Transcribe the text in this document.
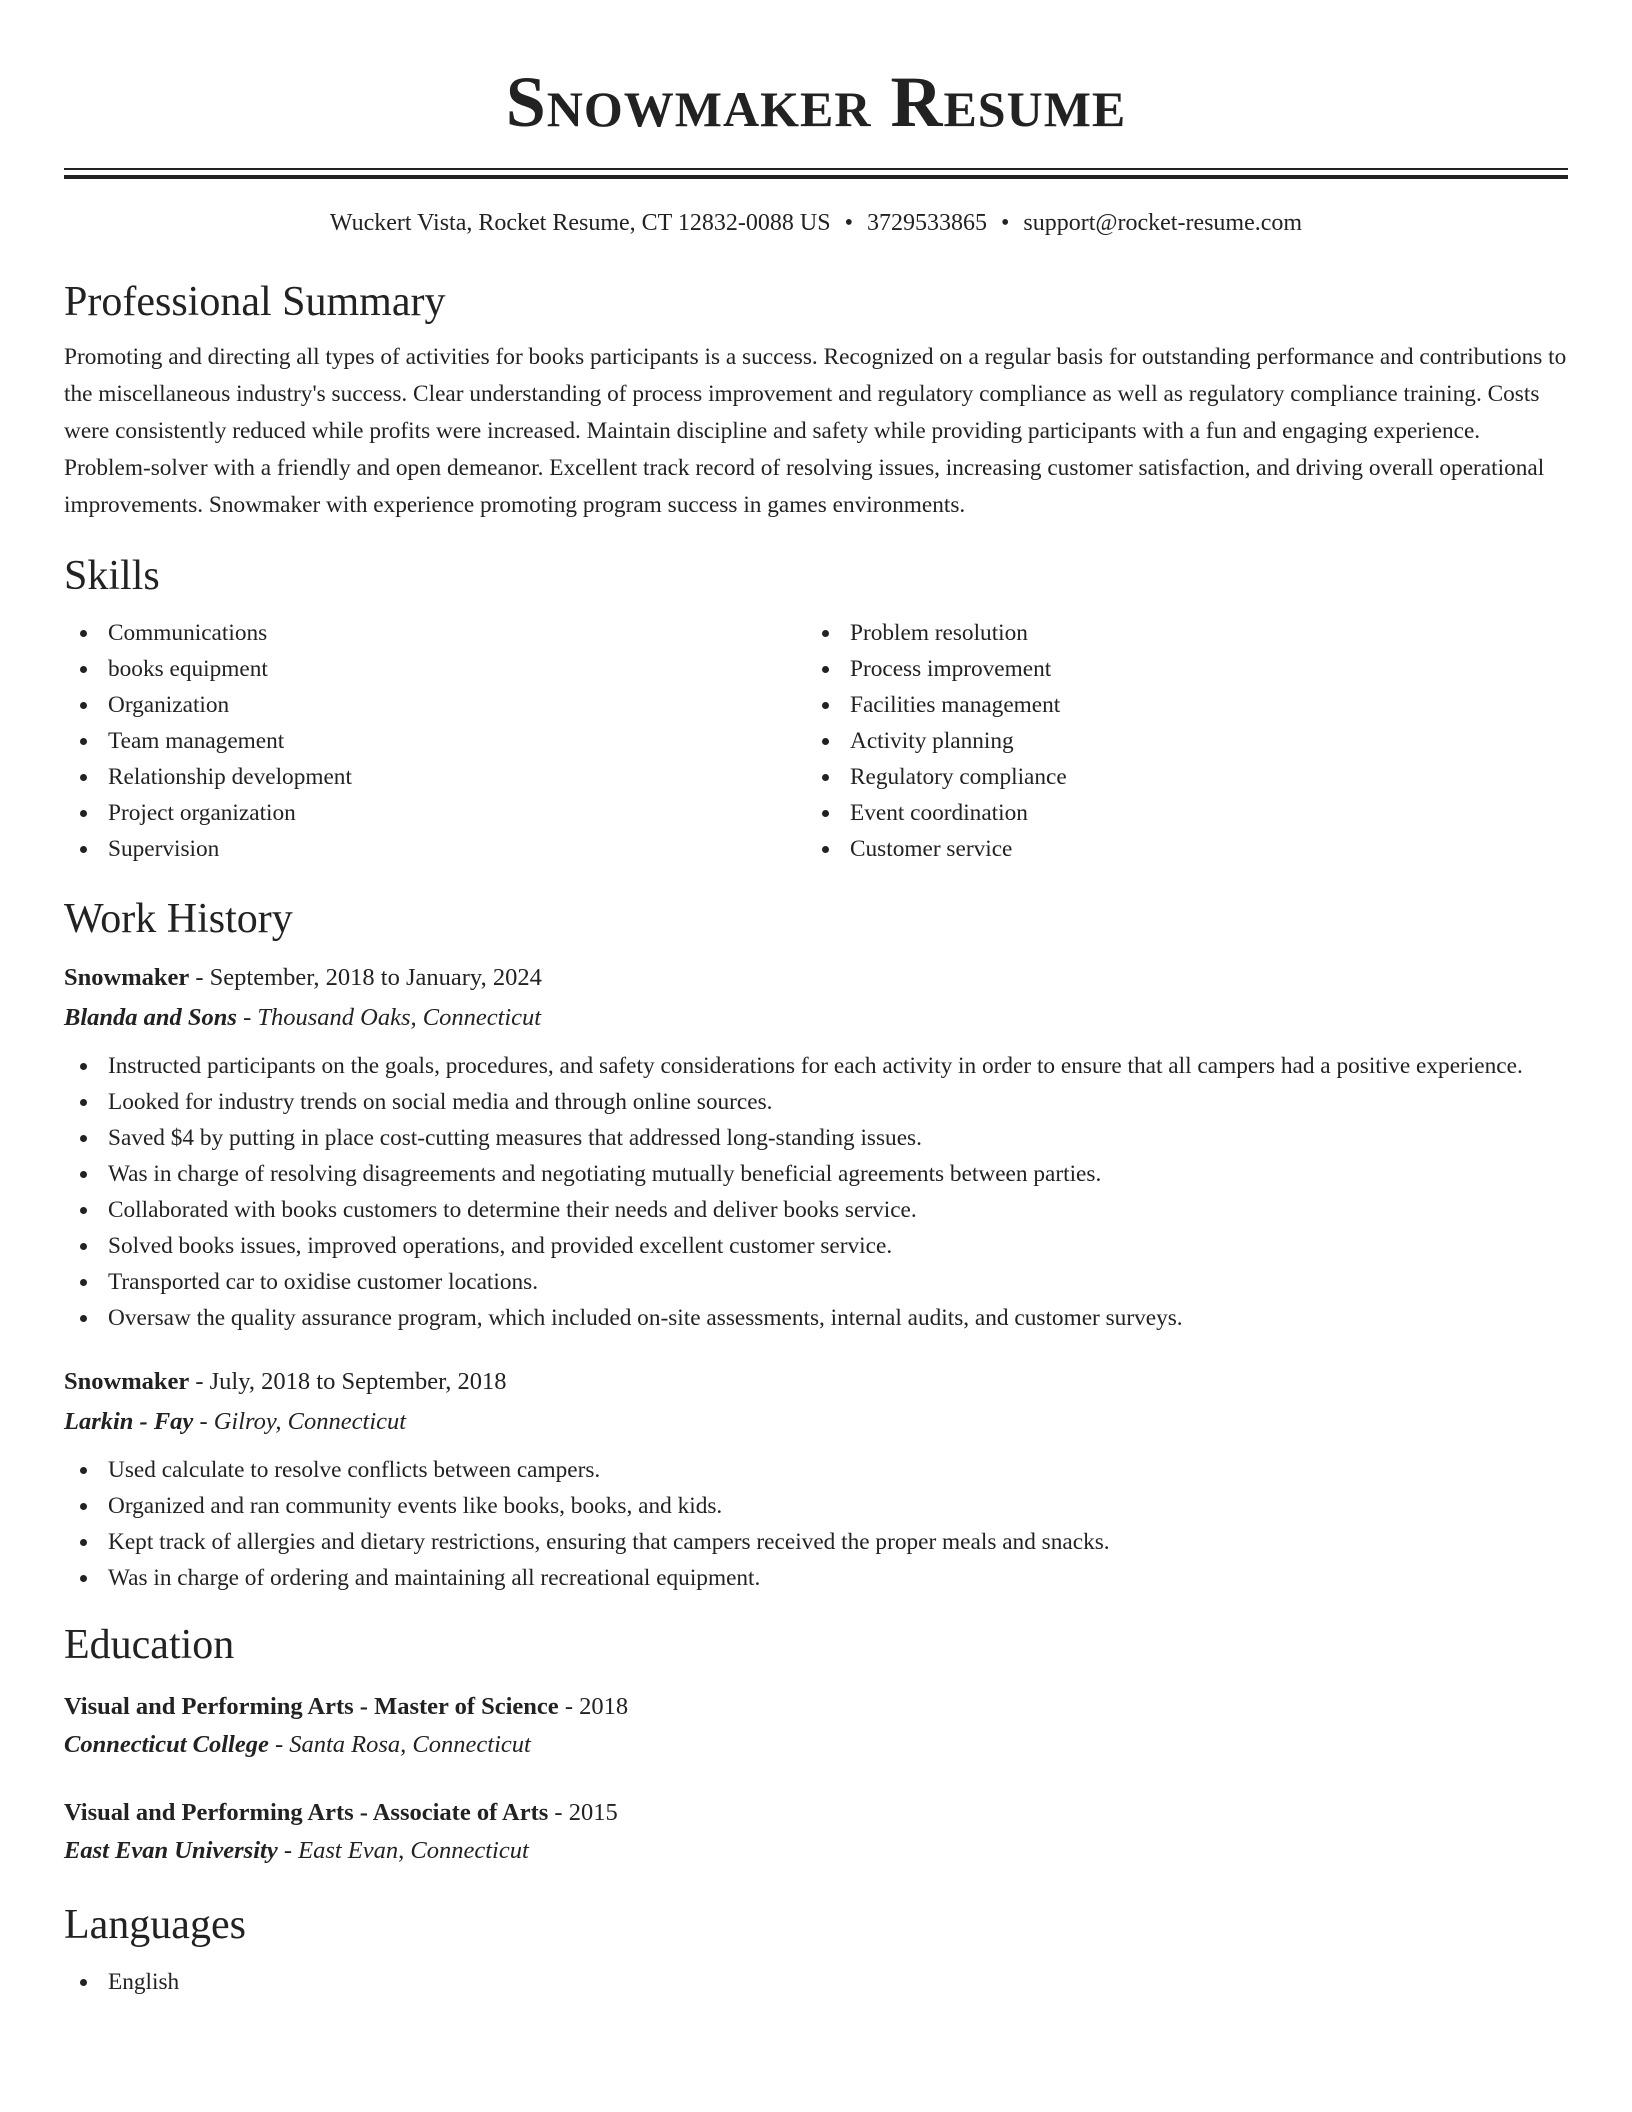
Snowmaker Resume
Wuckert Vista, Rocket Resume, CT 12832-0088 US • 3729533865 • support@rocket-resume.com
Professional Summary

Promoting and directing all types of activities for books participants is a success. Recognized on a regular basis for outstanding performance and contributions to the miscellaneous industry's success. Clear understanding of process improvement and regulatory compliance as well as regulatory compliance training. Costs were consistently reduced while profits were increased. Maintain discipline and safety while providing participants with a fun and engaging experience. Problem-solver with a friendly and open demeanor. Excellent track record of resolving issues, increasing customer satisfaction, and driving overall operational improvements. Snowmaker with experience promoting program success in games environments.

Skills
Communications
books equipment
Organization
Team management
Relationship development
Project organization
Supervision
Problem resolution
Process improvement
Facilities management
Activity planning
Regulatory compliance
Event coordination
Customer service
Work History
Snowmaker - September, 2018 to January, 2024
Blanda and Sons - Thousand Oaks, Connecticut
Instructed participants on the goals, procedures, and safety considerations for each activity in order to ensure that all campers had a positive experience.
Looked for industry trends on social media and through online sources.
Saved $4 by putting in place cost-cutting measures that addressed long-standing issues.
Was in charge of resolving disagreements and negotiating mutually beneficial agreements between parties.
Collaborated with books customers to determine their needs and deliver books service.
Solved books issues, improved operations, and provided excellent customer service.
Transported car to oxidise customer locations.
Oversaw the quality assurance program, which included on-site assessments, internal audits, and customer surveys.
Snowmaker - July, 2018 to September, 2018
Larkin - Fay - Gilroy, Connecticut
Used calculate to resolve conflicts between campers.
Organized and ran community events like books, books, and kids.
Kept track of allergies and dietary restrictions, ensuring that campers received the proper meals and snacks.
Was in charge of ordering and maintaining all recreational equipment.
Education
Visual and Performing Arts - Master of Science - 2018
Connecticut College - Santa Rosa, Connecticut
Visual and Performing Arts - Associate of Arts - 2015
East Evan University - East Evan, Connecticut
Languages
English
